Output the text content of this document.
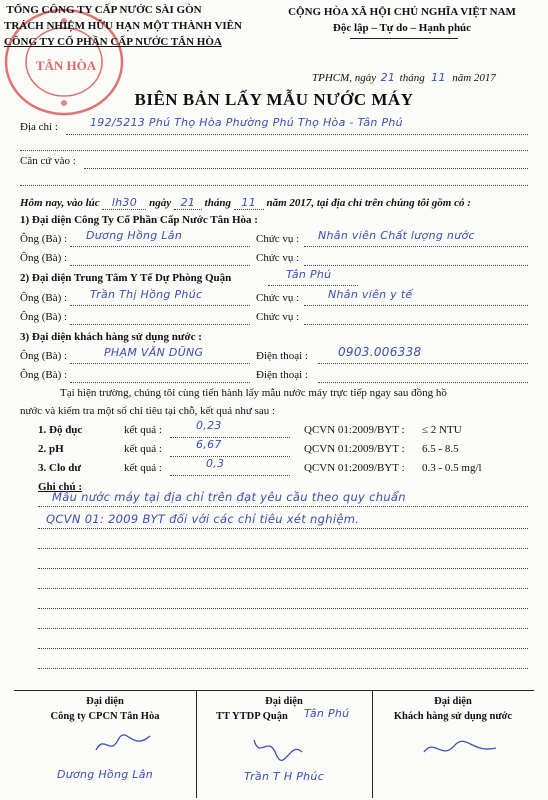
TỔNG CÔNG TY CẤP NƯỚC SÀI GÒN
TRÁCH NHIỆM HỮU HẠN MỘT THÀNH VIÊN
CÔNG TY CỔ PHẦN CẤP NƯỚC TÂN HÒA
TÂN HÒA
CỘNG HÒA XÃ HỘI CHỦ NGHĨA VIỆT NAM
Độc lập – Tự do – Hạnh phúc
TPHCM, ngày 21 tháng 11 năm 2017
BIÊN BẢN LẤY MẪU NƯỚC MÁY
Địa chỉ :	192/5213 Phú Thọ Hòa Phường Phú Thọ Hòa - Tân Phú
Căn cứ vào :
Hôm nay, vào lúc lh30 ngày 21 tháng 11 năm 2017, tại địa chỉ trên chúng tôi gồm có :
1) Đại diện Công Ty Cổ Phần Cấp Nước Tân Hòa :
Ông (Bà) : Dương Hồng Lân	Chức vụ : Nhân viên Chất lượng nước
Ông (Bà) :	Chức vụ :
2) Đại diện Trung Tâm Y Tế Dự Phòng Quận	Tân Phú
Ông (Bà) : Trần Thị Hồng Phúc	Chức vụ :	Nhân viên y tế
Ông (Bà) :	Chức vụ :
3) Đại diện khách hàng sử dụng nước :
Ông (Bà) :	PHẠM VĂN DŨNG	Điện thoại :	0903.006338
Ông (Bà) :	Điện thoại :
Tại hiện trường, chúng tôi cùng tiến hành lấy mẫu nước máy trực tiếp ngay sau đồng hồ
nước và kiểm tra một số chỉ tiêu tại chỗ, kết quả như sau :
1. Độ đục	kết quả :	0,23	QCVN 01:2009/BYT : ≤ 2 NTU
2. pH	kết quả :	6,67	QCVN 01:2009/BYT : 6.5 - 8.5
3. Clo dư	kết quả :	0,3	QCVN 01:2009/BYT : 0.3 - 0.5 mg/l
Ghi chú :
Mẫu nước máy tại địa chỉ trên đạt yêu cầu theo quy chuẩn
QCVN 01: 2009 BYT đối với các chỉ tiêu xét nghiệm.
Đại diện
Công ty CPCN Tân Hòa
Dương Hồng Lân
Đại diện
TT YTDP Quận Tân Phú
Trần T H Phúc
Đại diện
Khách hàng sử dụng nước
